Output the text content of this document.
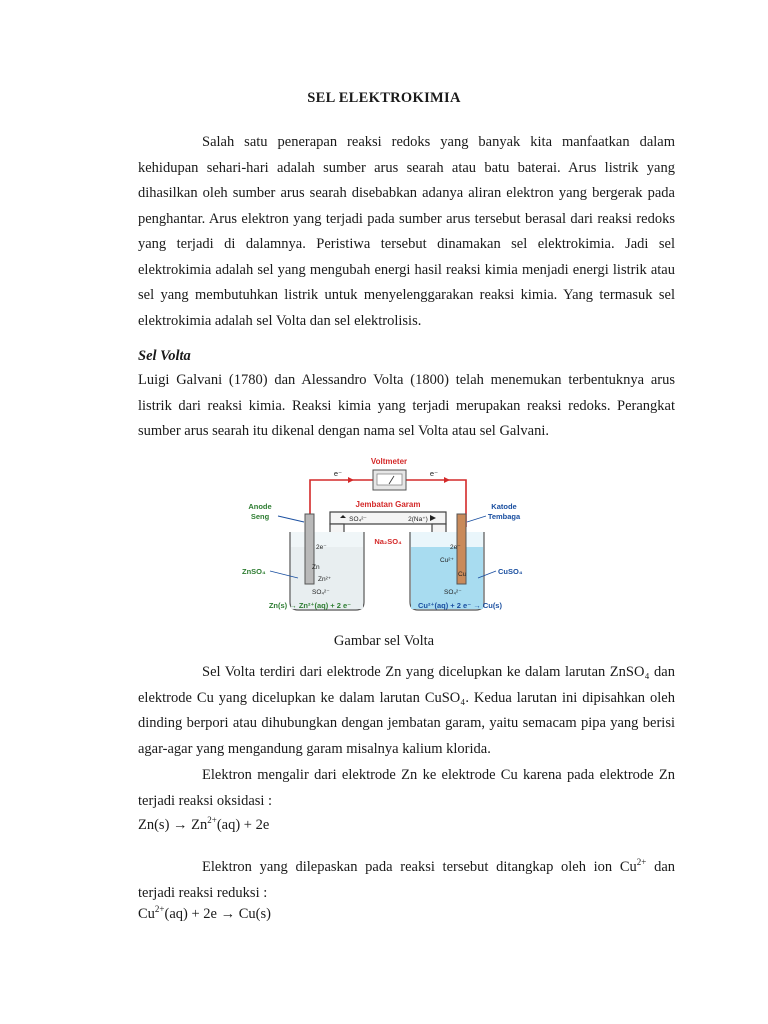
SEL ELEKTROKIMIA

Salah satu penerapan reaksi redoks yang banyak kita manfaatkan dalam kehidupan sehari-hari adalah sumber arus searah atau batu baterai. Arus listrik yang dihasilkan oleh sumber arus searah disebabkan adanya aliran elektron yang bergerak pada penghantar. Arus elektron yang terjadi pada sumber arus tersebut berasal dari reaksi redoks yang terjadi di dalamnya. Peristiwa tersebut dinamakan sel elektrokimia. Jadi sel elektrokimia adalah sel yang mengubah energi hasil reaksi kimia menjadi energi listrik atau sel yang membutuhkan listrik untuk menyelenggarakan reaksi kimia. Yang termasuk sel elektrokimia adalah sel Volta dan sel elektrolisis.

Sel Volta

Luigi Galvani (1780) dan Alessandro Volta (1800) telah menemukan terbentuknya arus listrik dari reaksi kimia. Reaksi kimia yang terjadi merupakan reaksi redoks. Perangkat sumber arus searah itu dikenal dengan nama sel Volta atau sel Galvani.

Voltmeter
e⁻	e⁻
Jembatan Garam
SO₄²⁻	2(Na⁺)
Na₂SO₄
2e⁻
Zn
Zn²⁺
SO₄²⁻
2e⁻
Cu²⁺
Cu
SO₄²⁻
Anode
Seng
Katode
Tembaga
ZnSO₄	CuSO₄
Zn(s) → Zn²⁺(aq) + 2 e⁻	Cu²⁺(aq) + 2 e⁻ → Cu(s)
Gambar sel Volta

Sel Volta terdiri dari elektrode Zn yang dicelupkan ke dalam larutan ZnSO₄ dan elektrode Cu yang dicelupkan ke dalam larutan CuSO₄. Kedua larutan ini dipisahkan oleh dinding berpori atau dihubungkan dengan jembatan garam, yaitu semacam pipa yang berisi agar-agar yang mengandung garam misalnya kalium klorida.

Elektron mengalir dari elektrode Zn ke elektrode Cu karena pada elektrode Zn terjadi reaksi oksidasi :

$Zn(s) \to Zn^{2+}(aq) + 2e$

Elektron yang dilepaskan pada reaksi tersebut ditangkap oleh ion $Cu^{2+}$ dan terjadi reaksi reduksi :

$Cu^{2+}(aq) + 2e \to Cu(s)$
